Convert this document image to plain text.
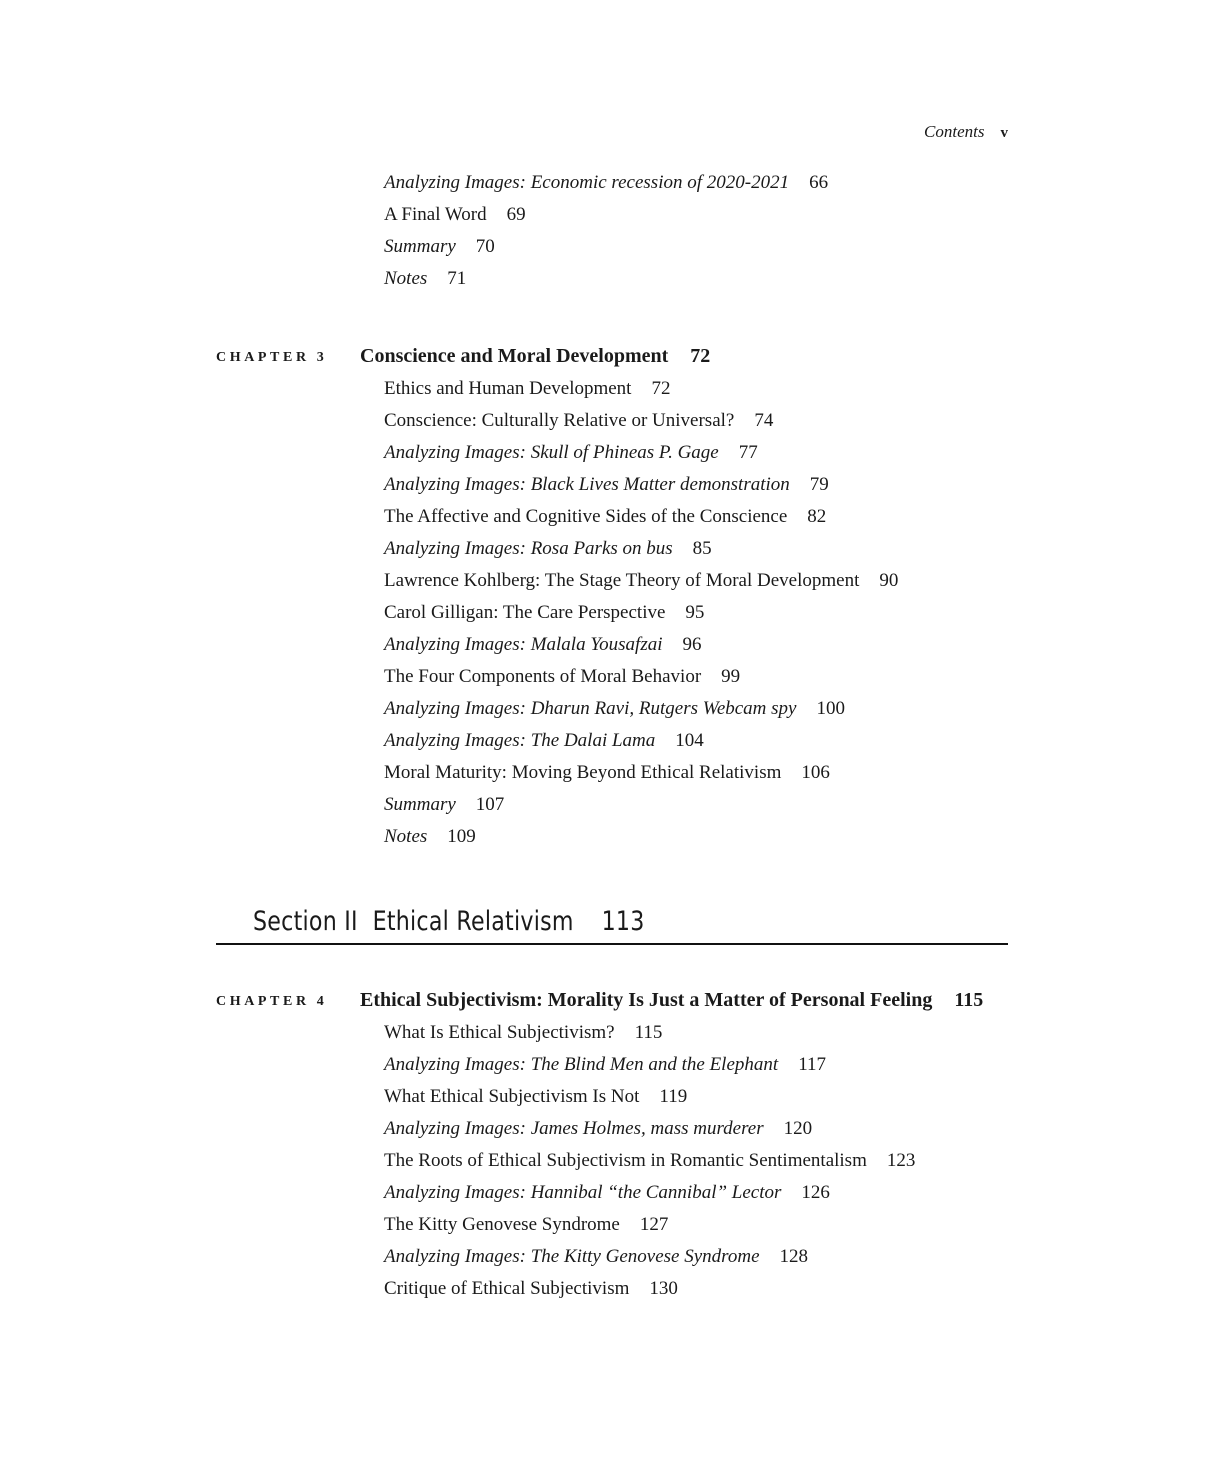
Contents v
Analyzing Images: Economic recession of 2020-2021 66
A Final Word 69
Summary 70
Notes 71
CHAPTER 3 Conscience and Moral Development 72
Ethics and Human Development 72
Conscience: Culturally Relative or Universal? 74
Analyzing Images: Skull of Phineas P. Gage 77
Analyzing Images: Black Lives Matter demonstration 79
The Affective and Cognitive Sides of the Conscience 82
Analyzing Images: Rosa Parks on bus 85
Lawrence Kohlberg: The Stage Theory of Moral Development 90
Carol Gilligan: The Care Perspective 95
Analyzing Images: Malala Yousafzai 96
The Four Components of Moral Behavior 99
Analyzing Images: Dharun Ravi, Rutgers Webcam spy 100
Analyzing Images: The Dalai Lama 104
Moral Maturity: Moving Beyond Ethical Relativism 106
Summary 107
Notes 109
Section II Ethical Relativism 113
CHAPTER 4 Ethical Subjectivism: Morality Is Just a Matter of Personal Feeling 115
What Is Ethical Subjectivism? 115
Analyzing Images: The Blind Men and the Elephant 117
What Ethical Subjectivism Is Not 119
Analyzing Images: James Holmes, mass murderer 120
The Roots of Ethical Subjectivism in Romantic Sentimentalism 123
Analyzing Images: Hannibal “the Cannibal” Lector 126
The Kitty Genovese Syndrome 127
Analyzing Images: The Kitty Genovese Syndrome 128
Critique of Ethical Subjectivism 130
